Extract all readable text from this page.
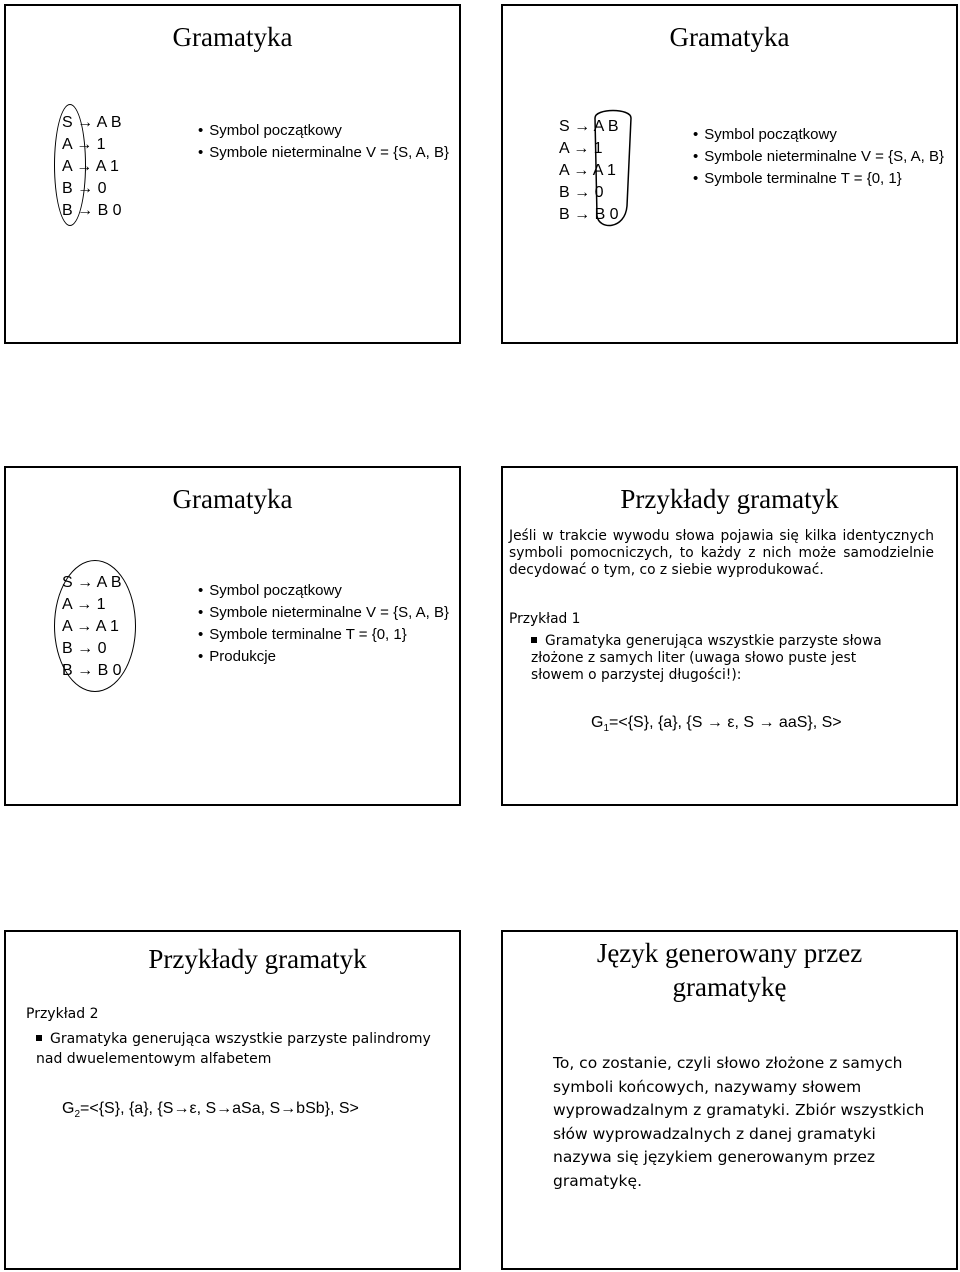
Gramatyka
S → A B
A → 1
A → A 1
B → 0
B → B 0
• Symbol początkowy
• Symbole nieterminalne V = {S, A, B}
Gramatyka
S → A B
A → 1
A → A 1
B → 0
B → B 0
• Symbol początkowy
• Symbole nieterminalne V = {S, A, B}
• Symbole terminalne T = {0, 1}
Gramatyka
S → A B
A → 1
A → A 1
B → 0
B → B 0
• Symbol początkowy
• Symbole nieterminalne V = {S, A, B}
• Symbole terminalne T = {0, 1}
• Produkcje
Przykłady gramatyk
Jeśli w trakcie wywodu słowa pojawia się kilka identycznych symboli pomocniczych, to każdy z nich może samodzielnie decydować o tym, co z siebie wyprodukować.
Przykład 1
Gramatyka generująca wszystkie parzyste słowa złożone z samych liter (uwaga słowo puste jest słowem o parzystej długości!):
$G_1=<\{S\}$, {a}, {S → ε, S → aaS}, S>
Przykłady gramatyk
Przykład 2
Gramatyka generująca wszystkie parzyste palindromy nad dwuelementowym alfabetem
$G_2=<\{S\}$, {a}, {S→ε, S→aSa, S→bSb}, S>
Język generowany przez
gramatykę
To, co zostanie, czyli słowo złożone z samych
symboli końcowych, nazywamy słowem
wyprowadzalnym z gramatyki. Zbiór wszystkich
słów wyprowadzalnych z danej gramatyki
nazywa się językiem generowanym przez
gramatykę.
